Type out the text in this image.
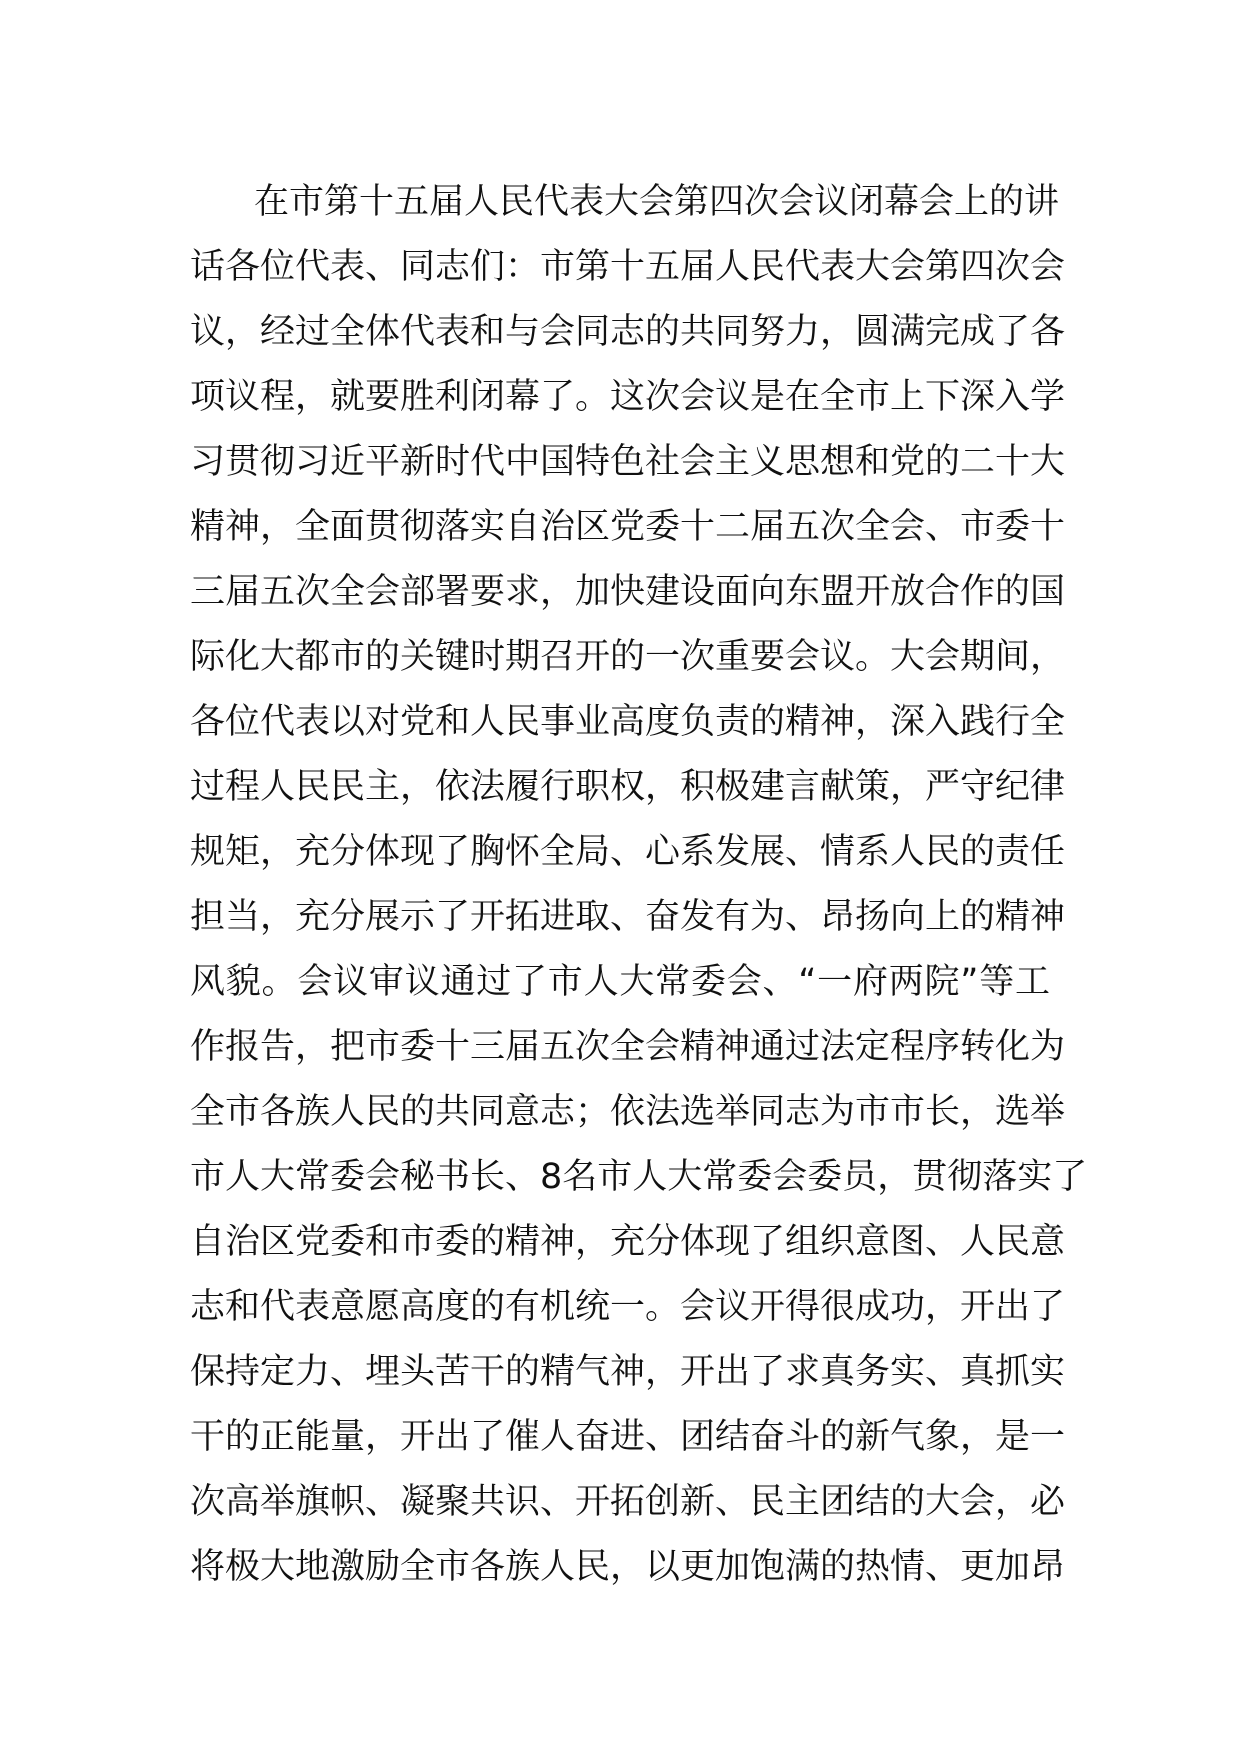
在市第十五届人民代表大会第四次会议闭幕会上的讲
话各位代表、同志们：市第十五届人民代表大会第四次会
议，经过全体代表和与会同志的共同努力，圆满完成了各
项议程，就要胜利闭幕了。这次会议是在全市上下深入学
习贯彻习近平新时代中国特色社会主义思想和党的二十大
精神，全面贯彻落实自治区党委十二届五次全会、市委十
三届五次全会部署要求，加快建设面向东盟开放合作的国
际化大都市的关键时期召开的一次重要会议。大会期间，
各位代表以对党和人民事业高度负责的精神，深入践行全
过程人民民主，依法履行职权，积极建言献策，严守纪律
规矩，充分体现了胸怀全局、心系发展、情系人民的责任
担当，充分展示了开拓进取、奋发有为、昂扬向上的精神
风貌。会议审议通过了市人大常委会、“一府两院”等工
作报告，把市委十三届五次全会精神通过法定程序转化为
全市各族人民的共同意志；依法选举同志为市市长，选举
市人大常委会秘书长、8名市人大常委会委员，贯彻落实了
自治区党委和市委的精神，充分体现了组织意图、人民意
志和代表意愿高度的有机统一。会议开得很成功，开出了
保持定力、埋头苦干的精气神，开出了求真务实、真抓实
干的正能量，开出了催人奋进、团结奋斗的新气象，是一
次高举旗帜、凝聚共识、开拓创新、民主团结的大会，必
将极大地激励全市各族人民，以更加饱满的热情、更加昂
